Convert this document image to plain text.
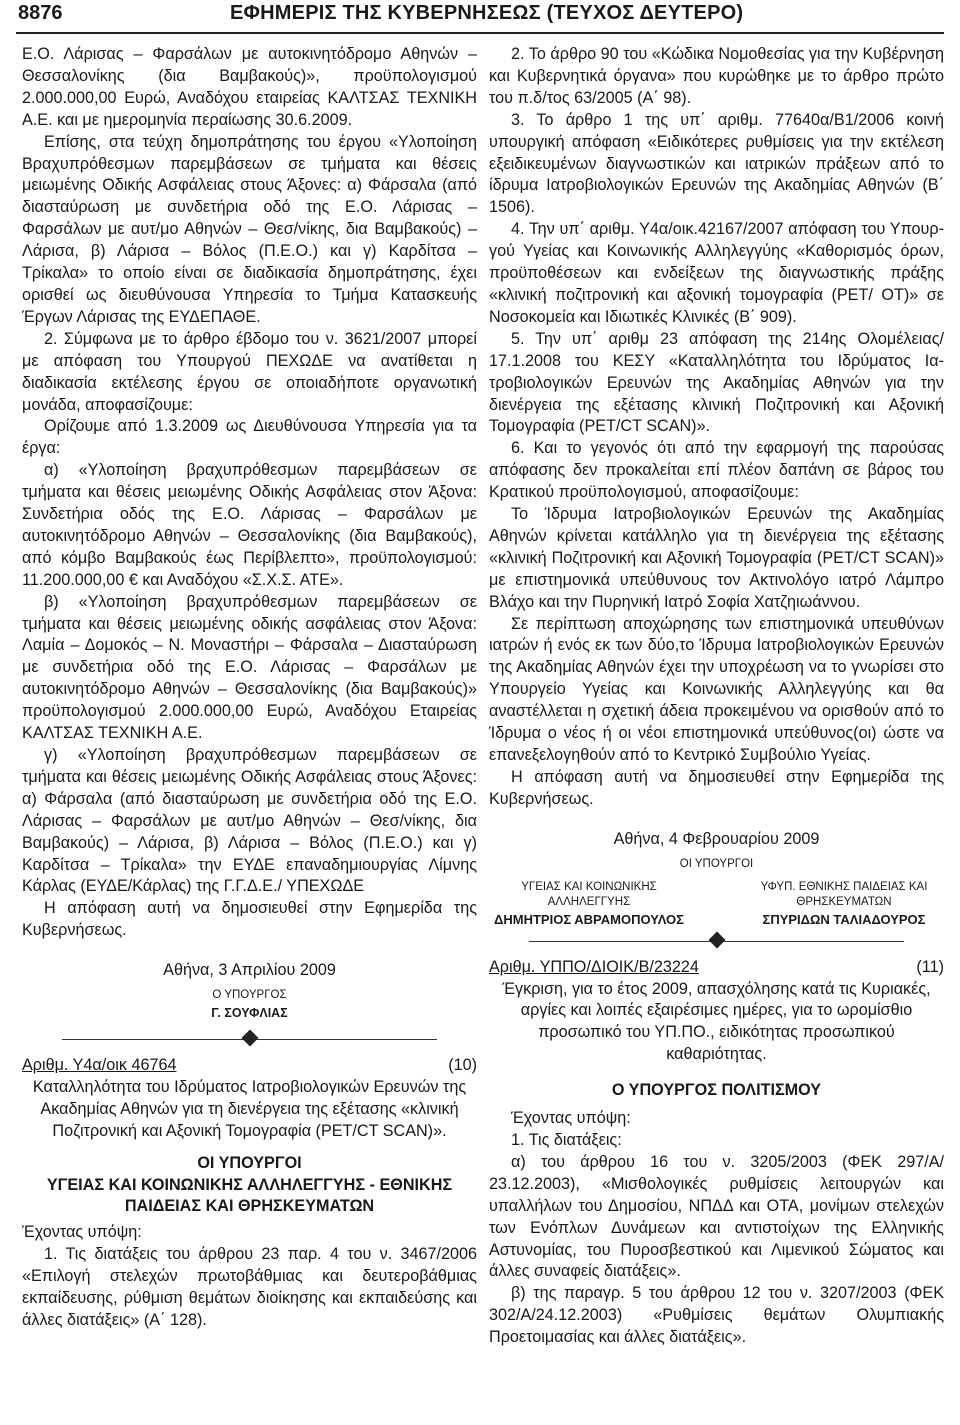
8876	ΕΦΗΜΕΡΙΣ ΤΗΣ ΚΥΒΕΡΝΗΣΕΩΣ (ΤΕΥΧΟΣ ΔΕΥΤΕΡΟ)

Ε.Ο. Λάρισας – Φαρσάλων με αυτοκινητόδρομο Αθηνών – Θεσσαλονίκης (δια Βαμβακούς)», προϋπολογισμού 2.000.000,00 Ευρώ, Αναδόχου εταιρείας ΚΑΛΤΣΑΣ ΤΕΧΝΙΚΗ Α.Ε. και με ημερομηνία περαίωσης 30.6.2009.

Επίσης, στα τεύχη δημοπράτησης του έργου «Υλοποίηση Βραχυπρόθεσμων παρεμβάσεων σε τμήματα και θέσεις μειωμένης Οδικής Ασφάλειας στους Άξονες: α) Φάρσαλα (από διασταύρωση με συνδετήρια οδό της Ε.Ο. Λάρισας – Φαρσάλων με αυτ/μο Αθηνών – Θεσ/νίκης, δια Βαμβακούς) – Λάρισα, β) Λάρισα – Βόλος (Π.Ε.Ο.) και γ) Καρδίτσα – Τρίκαλα» το οποίο είναι σε διαδικασία δημοπράτησης, έχει ορισθεί ως διευθύνουσα Υπηρεσία το Τμήμα Κατασκευής Έργων Λάρισας της ΕΥΔΕΠΑΘΕ.

2. Σύμφωνα με το άρθρο έβδομο του ν. 3621/2007 μπορεί με απόφαση του Υπουργού ΠΕΧΩΔΕ να ανατίθεται η διαδικασία εκτέλεσης έργου σε οποιαδήποτε οργανωτική μονάδα, αποφασίζουμε:

Ορίζουμε από 1.3.2009 ως Διευθύνουσα Υπηρεσία για τα έργα:

α) «Υλοποίηση βραχυπρόθεσμων παρεμβάσεων σε τμήματα και θέσεις μειωμένης Οδικής Ασφάλειας στον Άξονα: Συνδετήρια οδός της Ε.Ο. Λάρισας – Φαρσάλων με αυτοκινητόδρομο Αθηνών – Θεσσαλονίκης (δια Βαμβακούς), από κόμβο Βαμβακούς έως Περίβλεπτο», προϋπολογισμού: 11.200.000,00 € και Αναδόχου «Σ.Χ.Σ. ΑΤΕ».

β) «Υλοποίηση βραχυπρόθεσμων παρεμβάσεων σε τμήματα και θέσεις μειωμένης οδικής ασφάλειας στον Άξονα: Λαμία – Δομοκός – Ν. Μοναστήρι – Φάρσαλα – Διασταύρωση με συνδετήρια οδό της Ε.Ο. Λάρισας – Φαρσάλων με αυτοκινητόδρομο Αθηνών – Θεσσαλονίκης (δια Βαμβακούς)» προϋπολογισμού 2.000.000,00 Ευρώ, Αναδόχου Εταιρείας ΚΑΛΤΣΑΣ ΤΕΧΝΙΚΗ Α.Ε.

γ) «Υλοποίηση βραχυπρόθεσμων παρεμβάσεων σε τμήματα και θέσεις μειωμένης Οδικής Ασφάλειας στους Άξονες: α) Φάρσαλα (από διασταύρωση με συνδετήρια οδό της Ε.Ο. Λάρισας – Φαρσάλων με αυτ/μο Αθηνών – Θεσ/νίκης, δια Βαμβακούς) – Λάρισα, β) Λάρισα – Βόλος (Π.Ε.Ο.) και γ) Καρδίτσα – Τρίκαλα» την ΕΥΔΕ επαναδημιουργίας Λίμνης Κάρλας (ΕΥΔΕ/Κάρλας) της Γ.Γ.Δ.Ε./ ΥΠΕΧΩΔΕ

Η απόφαση αυτή να δημοσιευθεί στην Εφημερίδα της Κυβερνήσεως.

Αθήνα, 3 Απριλίου 2009

Ο ΥΠΟΥΡΓΟΣ

Γ. ΣΟΥΦΛΙΑΣ

Αριθμ. Υ4α/οικ 46764	(10)

Καταλληλότητα του Ιδρύματος Ιατροβιολογικών Ερευνών της Ακαδημίας Αθηνών για τη διενέργεια της εξέτασης «κλινική Ποζιτρονική και Αξονική Τομογραφία (PET/CT SCAN)».

ΟΙ ΥΠΟΥΡΓΟΙ

ΥΓΕΙΑΣ ΚΑΙ ΚΟΙΝΩΝΙΚΗΣ ΑΛΛΗΛΕΓΓΥΗΣ - ΕΘΝΙΚΗΣ ΠΑΙΔΕΙΑΣ ΚΑΙ ΘΡΗΣΚΕΥΜΑΤΩΝ

Έχοντας υπόψη:

1. Τις διατάξεις του άρθρου 23 παρ. 4 του ν. 3467/2006 «Επιλογή στελεχών πρωτοβάθμιας και δευτεροβάθμιας εκπαίδευσης, ρύθμιση θεμάτων διοίκησης και εκπαιδεύσης και άλλες διατάξεις» (Α΄ 128).

2. Το άρθρο 90 του «Κώδικα Νομοθεσίας για την Κυβέρνηση και Κυβερνητικά όργανα» που κυρώθηκε με το άρθρο πρώτο του π.δ/τος 63/2005 (Α΄ 98).

3. Το άρθρο 1 της υπ΄ αριθμ. 77640α/Β1/2006 κοινή υπουργική απόφαση «Ειδικότερες ρυθμίσεις για την εκτέλεση εξειδικευμένων διαγνωστικών και ιατρικών πράξεων από το ίδρυμα Ιατροβιολογικών Ερευνών της Ακαδημίας Αθηνών (Β΄ 1506).

4. Την υπ΄ αριθμ. Υ4α/οικ.42167/2007 απόφαση του Υπουργού Υγείας και Κοινωνικής Αλληλεγγύης «Καθορισμός όρων, προϋποθέσεων και ενδείξεων της διαγνωστικής πράξης «κλινική ποζιτρονική και αξονική τομογραφία (PET/ ΟΤ)» σε Νοσοκομεία και Ιδιωτικές Κλινικές (Β΄ 909).

5. Την υπ΄ αριθμ 23 απόφαση της 214ης Ολομέλειας/ 17.1.2008 του ΚΕΣΥ «Καταλληλότητα του Ιδρύματος Ιατροβιολογικών Ερευνών της Ακαδημίας Αθηνών για την διενέργεια της εξέτασης κλινική Ποζιτρονική και Αξονική Τομογραφία (PET/CT SCAN)».

6. Και το γεγονός ότι από την εφαρμογή της παρούσας απόφασης δεν προκαλείται επί πλέον δαπάνη σε βάρος του Κρατικού προϋπολογισμού, αποφασίζουμε:

Το Ίδρυμα Ιατροβιολογικών Ερευνών της Ακαδημίας Αθηνών κρίνεται κατάλληλο για τη διενέργεια της εξέτασης «κλινική Ποζιτρονική και Αξονική Τομογραφία (PET/CT SCAN)» με επιστημονικά υπεύθυνους τον Ακτινολόγο ιατρό Λάμπρο Βλάχο και την Πυρηνική Ιατρό Σοφία Χατζηιωάννου.

Σε περίπτωση αποχώρησης των επιστημονικά υπευθύνων ιατρών ή ενός εκ των δύο,το Ίδρυμα Ιατροβιολογικών Ερευνών της Ακαδημίας Αθηνών έχει την υποχρέωση να το γνωρίσει στο Υπουργείο Υγείας και Κοινωνικής Αλληλεγγύης και θα αναστέλλεται η σχετική άδεια προκειμένου να ορισθούν από το Ίδρυμα ο νέος ή οι νέοι επιστημονικά υπεύθυνος(οι) ώστε να επανεξελογηθούν από το Κεντρικό Συμβούλιο Υγείας.

Η απόφαση αυτή να δημοσιευθεί στην Εφημερίδα της Κυβερνήσεως.

Αθήνα, 4 Φεβρουαρίου 2009

ΟΙ ΥΠΟΥΡΓΟΙ

ΥΓΕΙΑΣ ΚΑΙ ΚΟΙΝΩΝΙΚΗΣ ΑΛΛΗΛΕΓΓΥΗΣ
ΔΗΜΗΤΡΙΟΣ ΑΒΡΑΜΟΠΟΥΛΟΣ
ΥΦΥΠ. ΕΘΝΙΚΗΣ ΠΑΙΔΕΙΑΣ ΚΑΙ ΘΡΗΣΚΕΥΜΑΤΩΝ
ΣΠΥΡΙΔΩΝ ΤΑΛΙΑΔΟΥΡΟΣ
Αριθμ. ΥΠΠΟ/ΔΙΟΙΚ/Β/23224	(11)

Έγκριση, για το έτος 2009, απασχόλησης κατά τις Κυριακές, αργίες και λοιπές εξαιρέσιμες ημέρες, για το ωρομίσθιο προσωπικό του ΥΠ.ΠΟ., ειδικότητας προσωπικού καθαριότητας.

Ο ΥΠΟΥΡΓΟΣ ΠΟΛΙΤΙΣΜΟΥ

Έχοντας υπόψη:

1. Τις διατάξεις:

α) του άρθρου 16 του ν. 3205/2003 (ΦΕΚ 297/Α/ 23.12.2003), «Μισθολογικές ρυθμίσεις λειτουργών και υπαλλήλων του Δημοσίου, ΝΠΔΔ και ΟΤΑ, μονίμων στελεχών των Ενόπλων Δυνάμεων και αντιστοίχων της Ελληνικής Αστυνομίας, του Πυροσβεστικού και Λιμενικού Σώματος και άλλες συναφείς διατάξεις».

β) της παραγρ. 5 του άρθρου 12 του ν. 3207/2003 (ΦΕΚ 302/Α/24.12.2003) «Ρυθμίσεις θεμάτων Ολυμπιακής Προετοιμασίας και άλλες διατάξεις».
